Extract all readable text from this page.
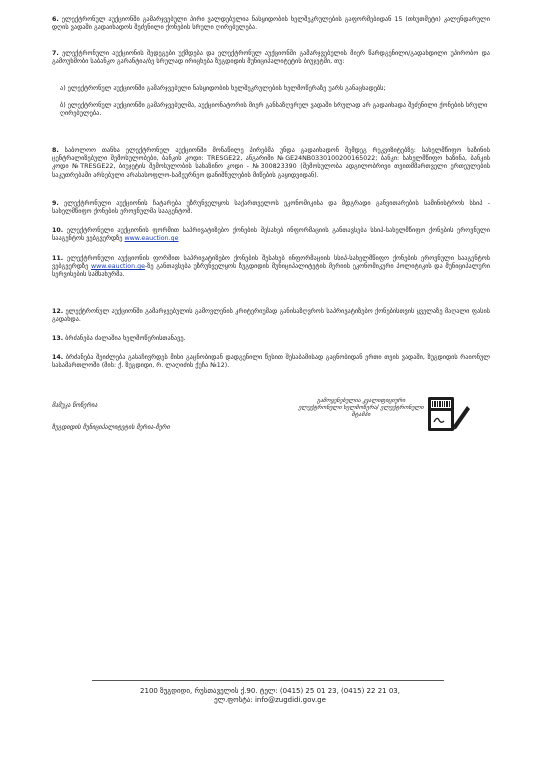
6. ელექტრონულ აუქციონში გამარჯვებული პირი ვალდებულია ნასყიდობის ხელშეკრულების გაფორმებიდან 15 (თხუთმეტი) კალენდარული დღის ვადაში გადაიხადოს შეძენილი ქონების სრული ღირებულება.

7. ელექტრონული აუქციონის შედეგები უქმდება და ელექტრონულ აუქციონში გამარჯვებულის მიერ წარდგენილი/გადახდილი უპირობო და გამოუხმობი საბანკო გარანტია/ბე სრულად ირიცხება ზუგდიდის მუნიციპალიტეტის ბიუჯეტში, თუ:

ა) ელექტრონულ აუქციონში გამარჯვებული ნასყიდობის ხელშეკრულების ხელმოწერაზე უარს განაცხადებს;

ბ) ელექტრონულ აუქციონში გამარჯვებულმა, აუქციონატორის მიერ განსაზღვრულ ვადაში სრულად არ გადაიხადა შეძენილი ქონების სრული ღირებულება.

8. საბოლოო თანხა ელექტრონულ აუქციონში მონაწილე პირებმა უნდა გადაიხადონ შემდეგ რეკვიზიტებზე: სახელმწიფო ხაზინის ცენტრალიზებული შემოსულობები, ბანკის კოდი: TRESGE22, ანგარიში №GE24NB0330100200165022; ბანკი: სახელმწიფო ხაზინა, ბანკის კოდი №TRESGE22, ბიუჯეტის შემოსულობის სახაზინო კოდი - №300823390 (შემოსულობა ადგილობრივი თვითმმართველი ერთეულების საკუთრებაში არსებული არასასოფლო-სამეურნეო დანიშნულების მიწების გაყიდვიდან).

9. ელექტრონული აუქციონის ჩატარება უზრუნველყოს საქართველოს ეკონომიკისა და მდგრადი განვითარების სამინისტროს სსიპ - სახელმწიფო ქონების ეროვნულმა სააგენტომ.

10. ელექტრონული აუქციონის ფორმით საპრივატიზებო ქონების შესახებ ინფორმაციის განთავსება სსიპ-სახელმწიფო ქონების ეროვნული სააგენტოს ვებგვერდზე www.eauction.ge

11. ელექტრონული აუქციონის ფორმით საპრივატიზებო ქონების შესახებ ინფორმაციის სსიპ-სახელმწიფო ქონების ეროვნული სააგენტოს ვებგვერდზე www.eauction.ge-ზე განთავსება უზრუნველყოს ზუგდიდის მუნიციპალიტეტის მერიის ეკონომიკური პოლიტიკის და მუნიციპალური სერვისების სამსახურმა.

12. ელექტრონულ აუქციონში გამარჯვებულის გამოვლენის კრიტერიუმად განისაზღვროს საპრივატიზებო ქონებისთვის ყველაზე მაღალი ფასის გადახდა.

13. ბრძანება ძალაშია ხელმოწერისთანავე.

14. ბრძანება შეიძლება გასაჩივრდეს მისი გაცნობიდან დადგენილი წესით შესაბამისად გაცნობიდან ერთი თვის ვადაში, ზუგდიდის რაიონულ სასამართლოში (მის: ქ. ზუგდიდი, რ. ლაღიძის ქუჩა №12).

მამუკა წოწერია
ზუგდიდის მუნიციპალიტეტის მერია-მერი
გამოყენებულია კვალიფიციური ელექტრონული ხელმოწერა/ ელექტრონული შტამპი
2100 ზუგდიდი, რუსთაველის ქ.90. ტელ: (0415) 25 01 23, (0415) 22 21 03,
ელ.ფოსტა: info@zugdidi.gov.ge
